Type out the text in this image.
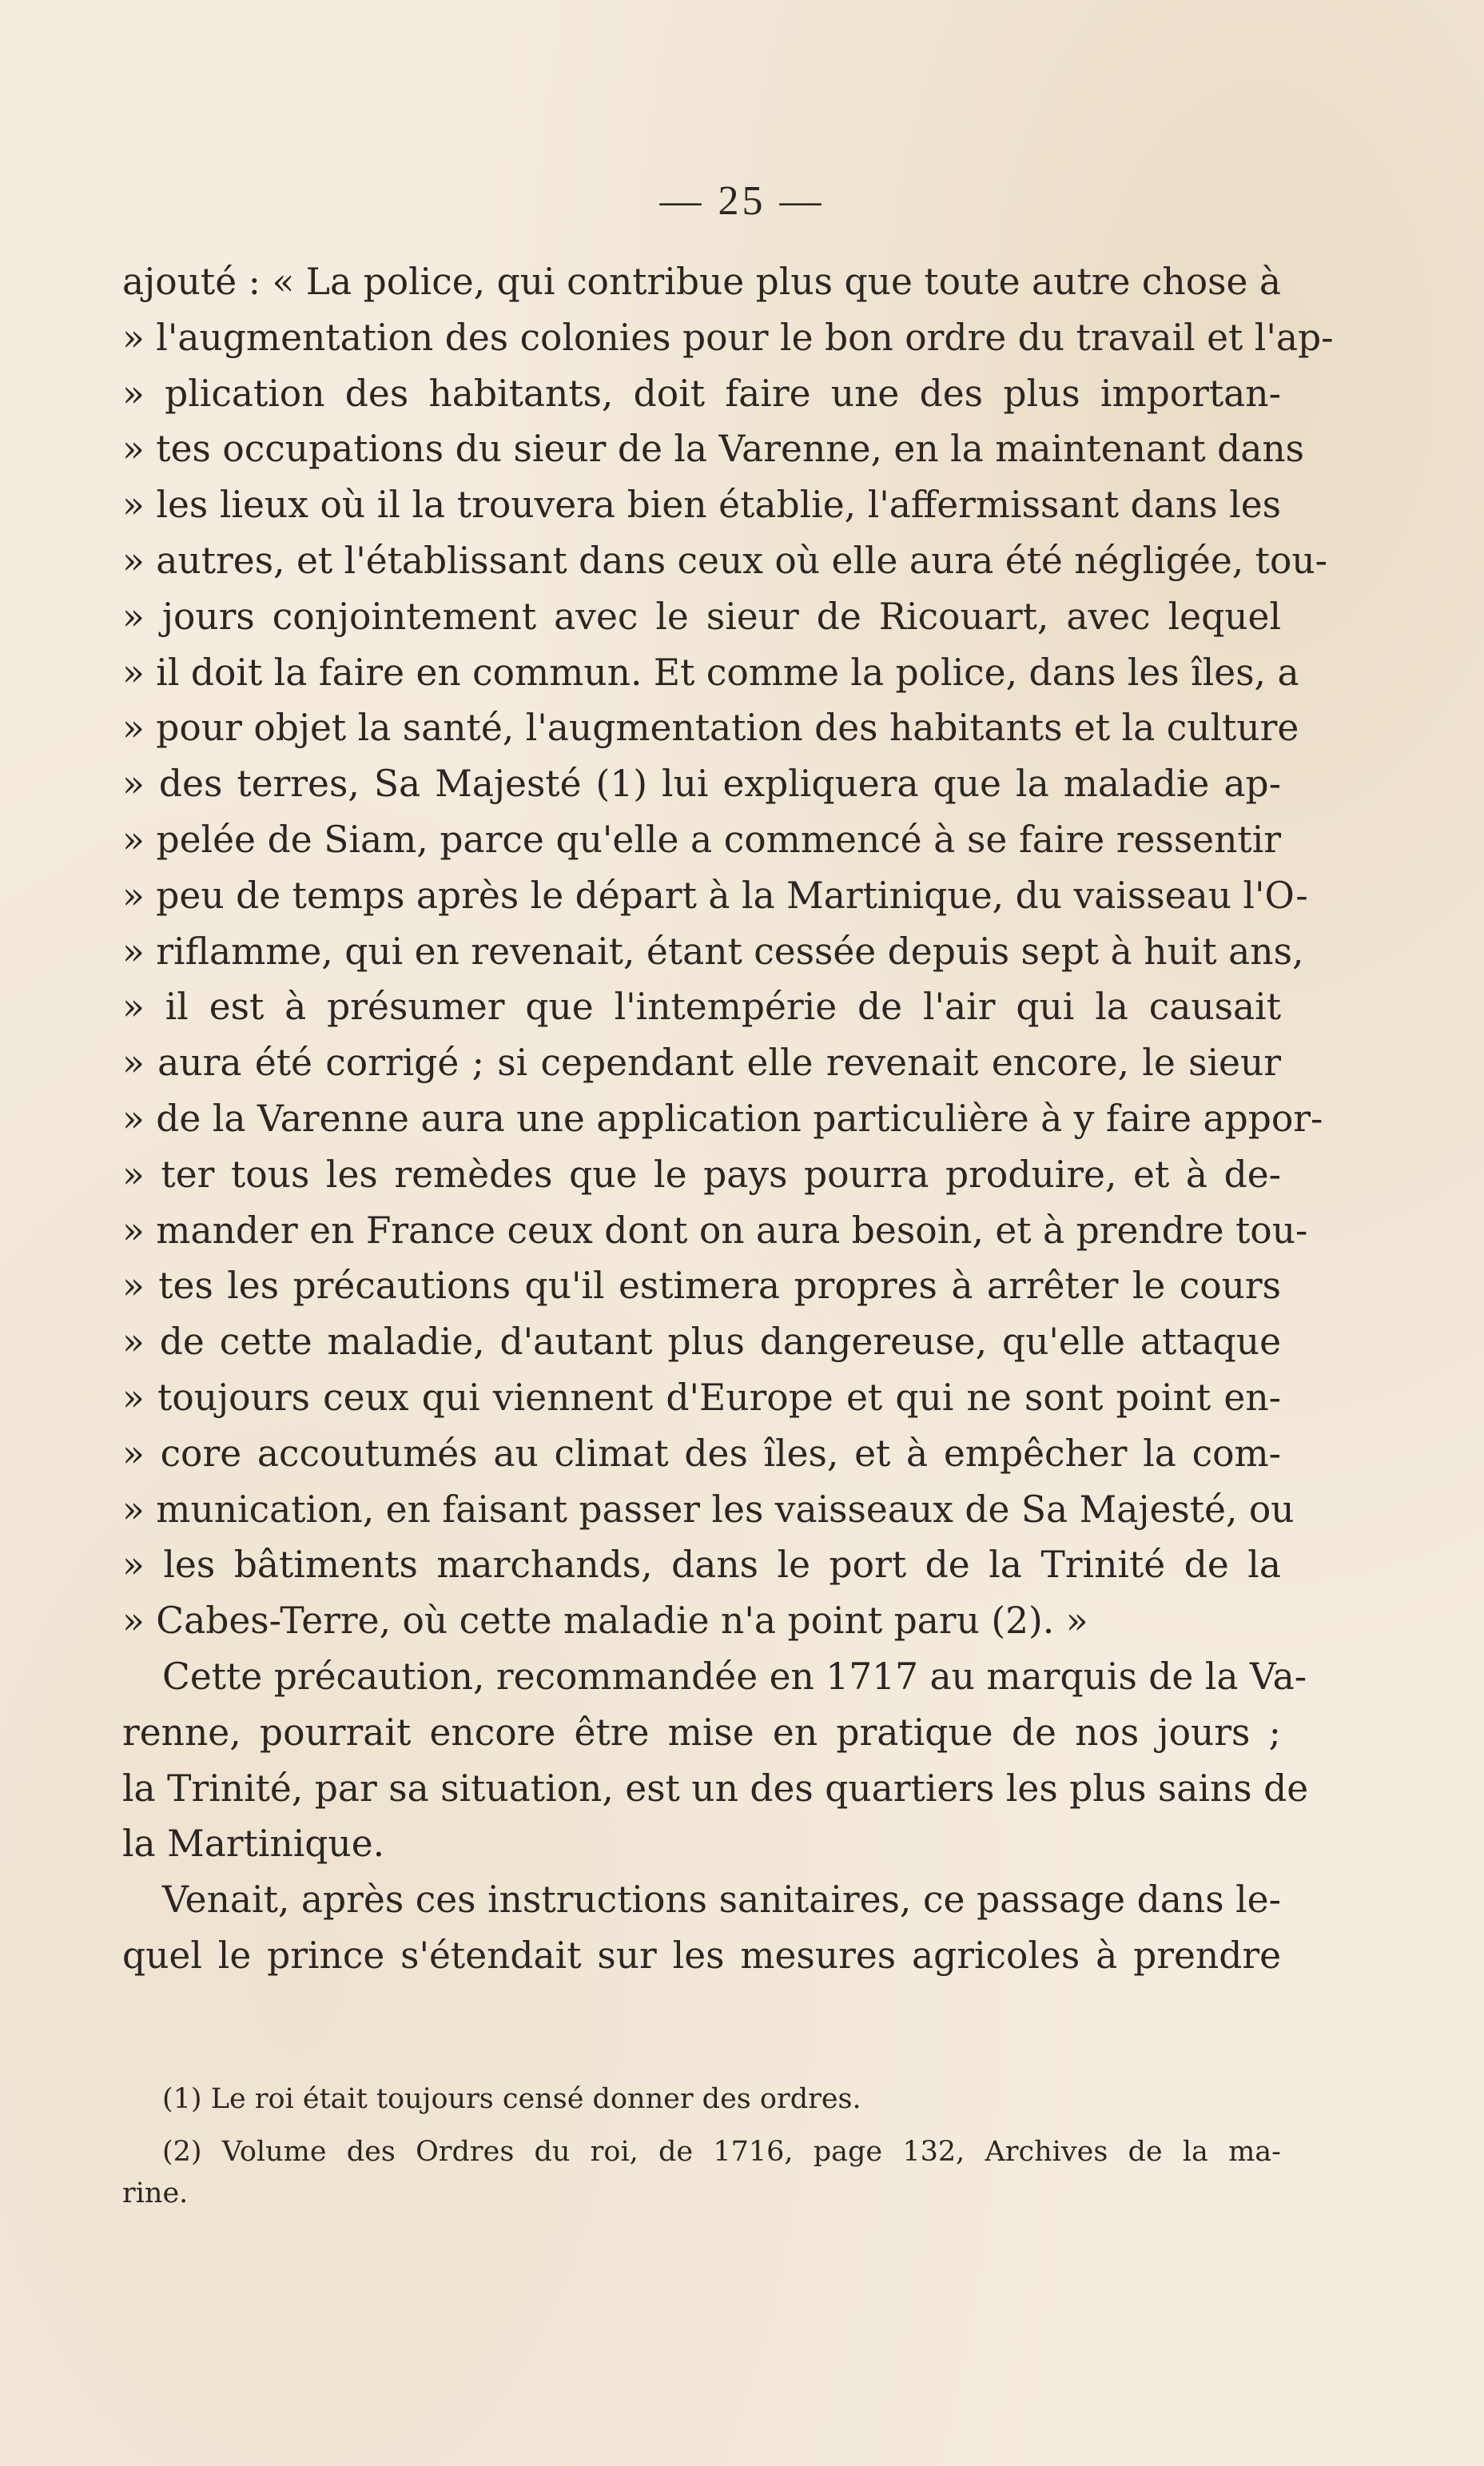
— 25 —
ajouté : « La police, qui contribue plus que toute autre chose à
» l'augmentation des colonies pour le bon ordre du travail et l'ap-
» plication des habitants, doit faire une des plus importan-
» tes occupations du sieur de la Varenne, en la maintenant dans
» les lieux où il la trouvera bien établie, l'affermissant dans les
» autres, et l'établissant dans ceux où elle aura été négligée, tou-
» jours conjointement avec le sieur de Ricouart, avec lequel
» il doit la faire en commun. Et comme la police, dans les îles, a
» pour objet la santé, l'augmentation des habitants et la culture
» des terres, Sa Majesté (1) lui expliquera que la maladie ap-
» pelée de Siam, parce qu'elle a commencé à se faire ressentir
» peu de temps après le départ à la Martinique, du vaisseau l'O-
» riflamme, qui en revenait, étant cessée depuis sept à huit ans,
» il est à présumer que l'intempérie de l'air qui la causait
» aura été corrigé ; si cependant elle revenait encore, le sieur
» de la Varenne aura une application particulière à y faire appor-
» ter tous les remèdes que le pays pourra produire, et à de-
» mander en France ceux dont on aura besoin, et à prendre tou-
» tes les précautions qu'il estimera propres à arrêter le cours
» de cette maladie, d'autant plus dangereuse, qu'elle attaque
» toujours ceux qui viennent d'Europe et qui ne sont point en-
» core accoutumés au climat des îles, et à empêcher la com-
» munication, en faisant passer les vaisseaux de Sa Majesté, ou
» les bâtiments marchands, dans le port de la Trinité de la
» Cabes-Terre, où cette maladie n'a point paru (2). »
Cette précaution, recommandée en 1717 au marquis de la Va-
renne, pourrait encore être mise en pratique de nos jours ;
la Trinité, par sa situation, est un des quartiers les plus sains de
la Martinique.
Venait, après ces instructions sanitaires, ce passage dans le-
quel le prince s'étendait sur les mesures agricoles à prendre
(1) Le roi était toujours censé donner des ordres.
(2) Volume des Ordres du roi, de 1716, page 132, Archives de la ma-
rine.
